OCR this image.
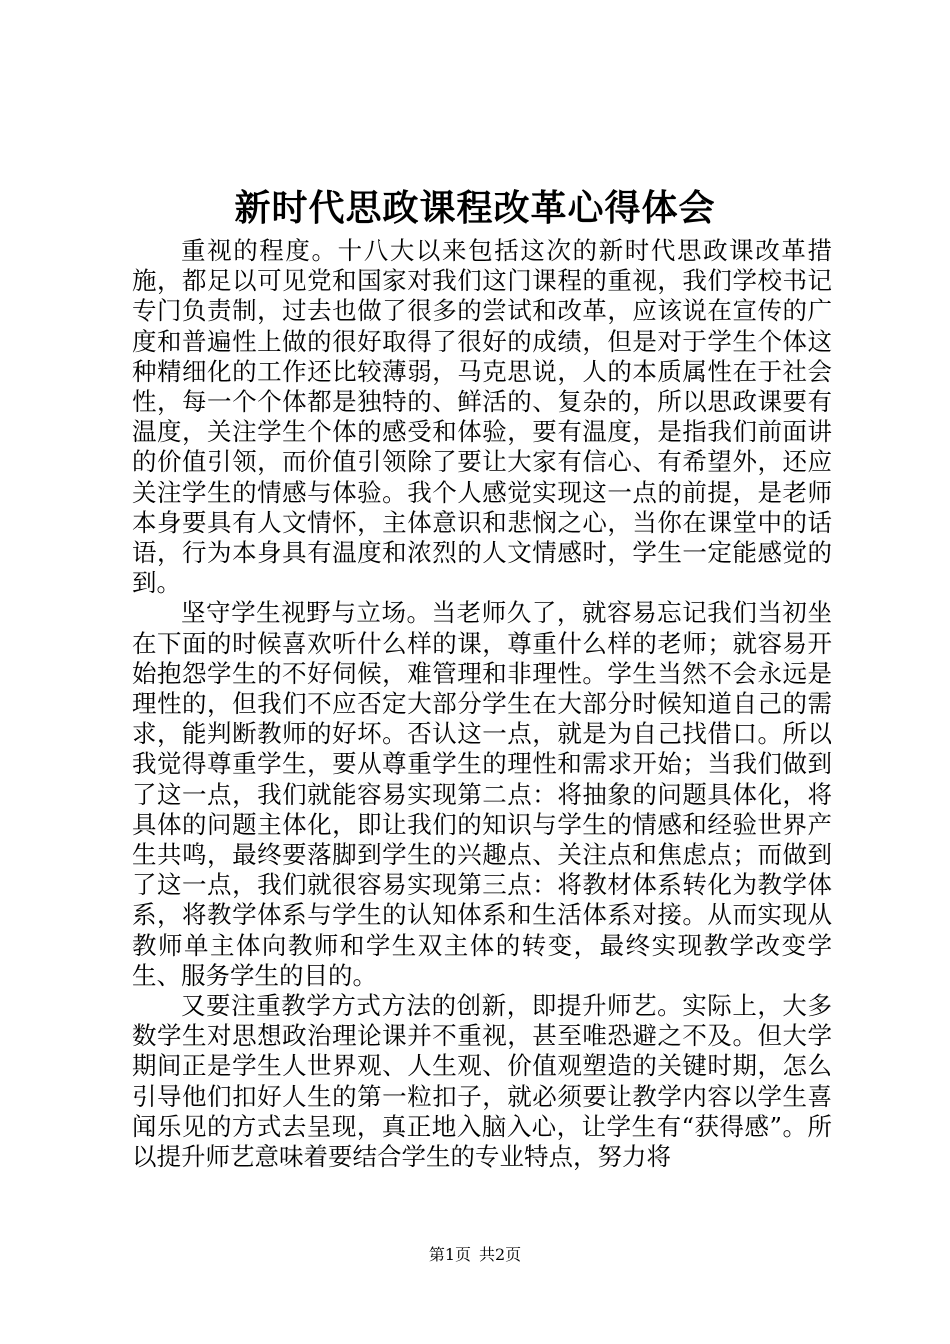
新时代思政课程改革心得体会

重视的程度。十八大以来包括这次的新时代思政课改革措施，都足以可见党和国家对我们这门课程的重视，我们学校书记专门负责制，过去也做了很多的尝试和改革，应该说在宣传的广度和普遍性上做的很好取得了很好的成绩，但是对于学生个体这种精细化的工作还比较薄弱，马克思说，人的本质属性在于社会性，每一个个体都是独特的、鲜活的、复杂的，所以思政课要有温度，关注学生个体的感受和体验，要有温度，是指我们前面讲的价值引领，而价值引领除了要让大家有信心、有希望外，还应关注学生的情感与体验。我个人感觉实现这一点的前提，是老师本身要具有人文情怀，主体意识和悲悯之心，当你在课堂中的话语，行为本身具有温度和浓烈的人文情感时，学生一定能感觉的到。

坚守学生视野与立场。当老师久了，就容易忘记我们当初坐在下面的时候喜欢听什么样的课，尊重什么样的老师；就容易开始抱怨学生的不好伺候，难管理和非理性。学生当然不会永远是理性的，但我们不应否定大部分学生在大部分时候知道自己的需求，能判断教师的好坏。否认这一点，就是为自己找借口。所以我觉得尊重学生，要从尊重学生的理性和需求开始；当我们做到了这一点，我们就能容易实现第二点：将抽象的问题具体化，将具体的问题主体化，即让我们的知识与学生的情感和经验世界产生共鸣，最终要落脚到学生的兴趣点、关注点和焦虑点；而做到了这一点，我们就很容易实现第三点：将教材体系转化为教学体系，将教学体系与学生的认知体系和生活体系对接。从而实现从教师单主体向教师和学生双主体的转变，最终实现教学改变学生、服务学生的目的。

又要注重教学方式方法的创新，即提升师艺。实际上，大多数学生对思想政治理论课并不重视，甚至唯恐避之不及。但大学期间正是学生人世界观、人生观、价值观塑造的关键时期，怎么引导他们扣好人生的第一粒扣子，就必须要让教学内容以学生喜闻乐见的方式去呈现，真正地入脑入心，让学生有“获得感”。所以提升师艺意味着要结合学生的专业特点，努力将

第1页 共2页
